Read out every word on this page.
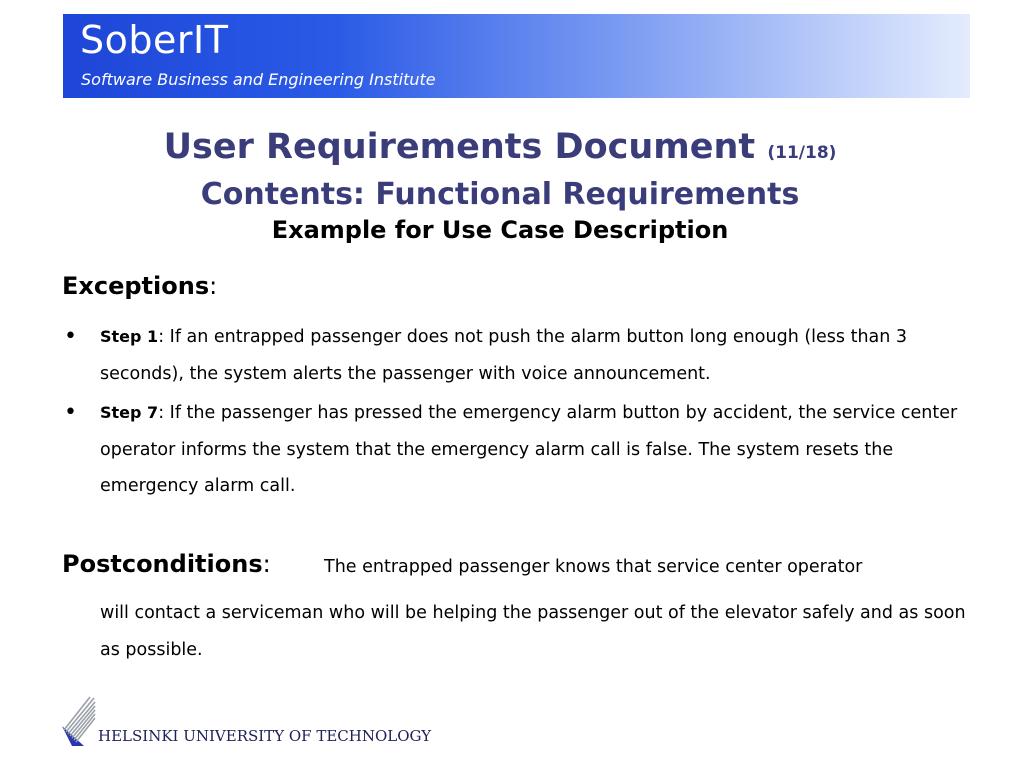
SoberIT
Software Business and Engineering Institute
User Requirements Document (11/18)
Contents: Functional Requirements
Example for Use Case Description
Exceptions:
• Step 1: If an entrapped passenger does not push the alarm button long enough (less than 3 seconds), the system alerts the passenger with voice announcement.
• Step 7: If the passenger has pressed the emergency alarm button by accident, the service center operator informs the system that the emergency alarm call is false. The system resets the emergency alarm call.
Postconditions:	The entrapped passenger knows that service center operator
will contact a serviceman who will be helping the passenger out of the elevator safely and as soon as possible.
HELSINKI UNIVERSITY OF TECHNOLOGY
